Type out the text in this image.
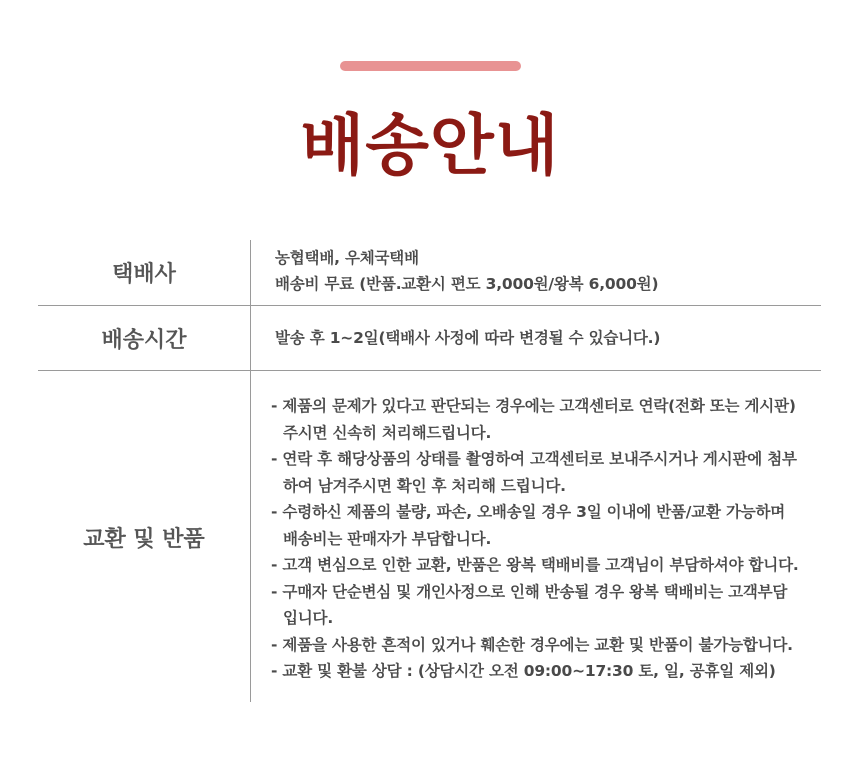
배송안내
택배사
농협택배, 우체국택배
배송비 무료 (반품.교환시 편도 3,000원/왕복 6,000원)
배송시간	발송 후 1~2일(택배사 사정에 따라 변경될 수 있습니다.)
교환 및 반품
- 제품의 문제가 있다고 판단되는 경우에는 고객센터로 연락(전화 또는 게시판)
주시면 신속히 처리해드립니다.
- 연락 후 해당상품의 상태를 촬영하여 고객센터로 보내주시거나 게시판에 첨부
하여 남겨주시면 확인 후 처리해 드립니다.
- 수령하신 제품의 불량, 파손, 오배송일 경우 3일 이내에 반품/교환 가능하며
배송비는 판매자가 부담합니다.
- 고객 변심으로 인한 교환, 반품은 왕복 택배비를 고객님이 부담하셔야 합니다.
- 구매자 단순변심 및 개인사정으로 인해 반송될 경우 왕복 택배비는 고객부담
입니다.
- 제품을 사용한 흔적이 있거나 훼손한 경우에는 교환 및 반품이 불가능합니다.
- 교환 및 환불 상담 : (상담시간 오전 09:00~17:30 토, 일, 공휴일 제외)
